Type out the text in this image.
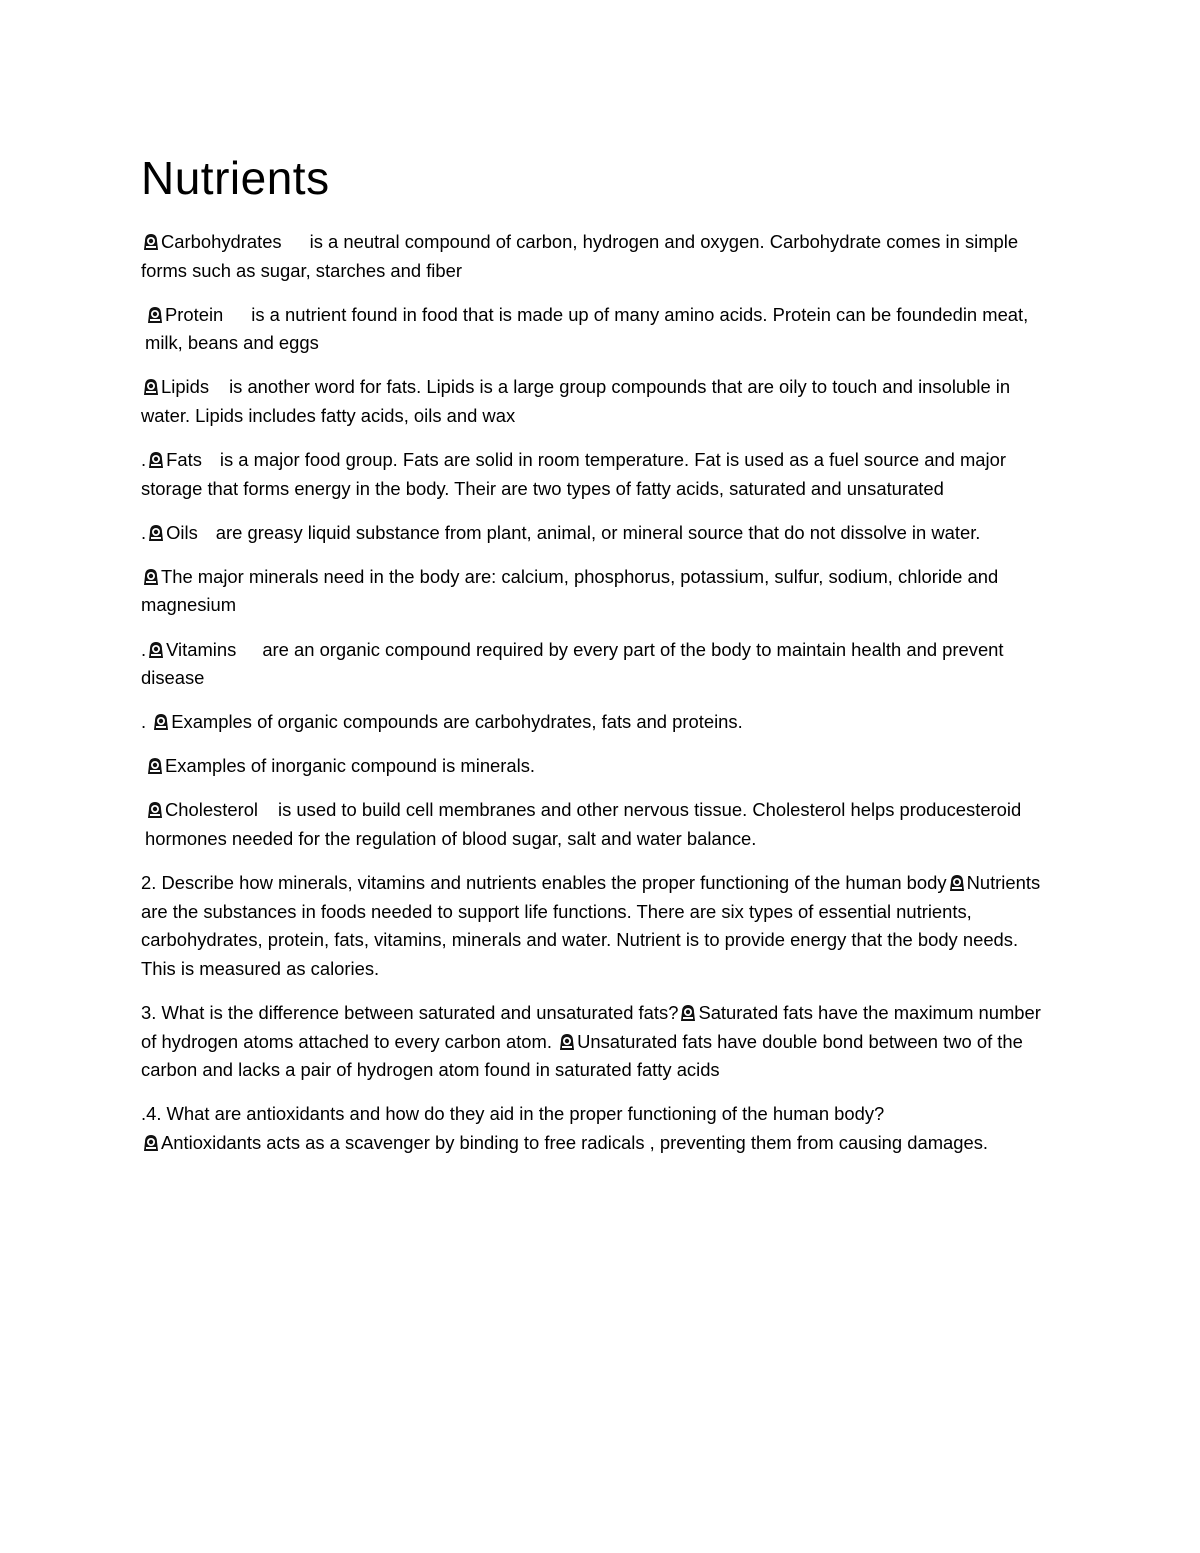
Nutrients

Carbohydrates is a neutral compound of carbon, hydrogen and oxygen. Carbohydrate comes in simple forms such as sugar, starches and fiber

Protein is a nutrient found in food that is made up of many amino acids. Protein can be foundedin meat, milk, beans and eggs

Lipids is another word for fats. Lipids is a large group compounds that are oily to touch and insoluble in water. Lipids includes fatty acids, oils and wax

. Fats is a major food group. Fats are solid in room temperature. Fat is used as a fuel source and major storage that forms energy in the body. Their are two types of fatty acids, saturated and unsaturated

. Oils are greasy liquid substance from plant, animal, or mineral source that do not dissolve in water.

The major minerals need in the body are: calcium, phosphorus, potassium, sulfur, sodium, chloride and magnesium

. Vitamins are an organic compound required by every part of the body to maintain health and prevent disease

.
Examples of organic compounds are carbohydrates, fats and proteins.

Examples of inorganic compound is minerals.

Cholesterol is used to build cell membranes and other nervous tissue. Cholesterol helps producesteroid hormones needed for the regulation of blood sugar, salt and water balance.

2. Describe how minerals, vitamins and nutrients enables the proper functioning of the human body Nutrients are the substances in foods needed to support life functions. There are six types of essential nutrients, carbohydrates, protein, fats, vitamins, minerals and water. Nutrient is to provide energy that the body needs. This is measured as calories.

3. What is the difference between saturated and unsaturated fats? Saturated fats have the maximum number of hydrogen atoms attached to every carbon atom.
Unsaturated fats have double bond between two of the carbon and lacks a pair of hydrogen atom found in saturated fatty acids

.4. What are antioxidants and how do they aid in the proper functioning of the human body?

Antioxidants acts as a scavenger by binding to free radicals , preventing them from causing damages.
